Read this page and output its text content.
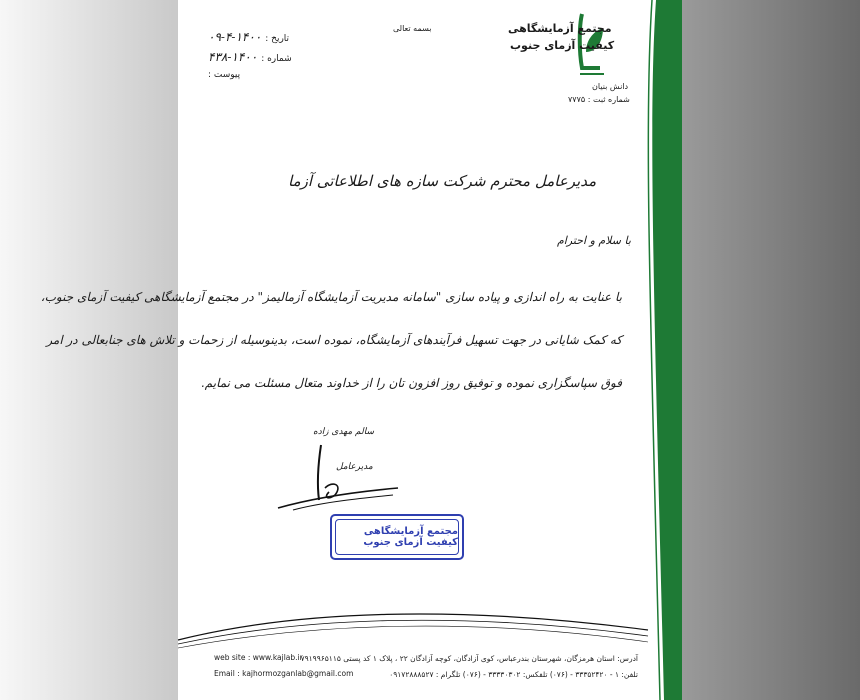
مجتمع آزمایشگاهی
کیفیت آزمای جنوب
دانش بنیان
شماره ثبت : ۷۷۷۵
بسمه تعالی
تاریخ :۱۴۰۰-۴-۰۹
شماره :۱۴۰۰-۴۳۸
پیوست :
مدیرعامل محترم شرکت سازه های اطلاعاتی آزما
با سلام و احترام
با عنایت به راه اندازی و پیاده سازی "سامانه مدیریت آزمایشگاه آزمالیمز" در مجتمع آزمایشگاهی کیفیت آزمای جنوب،
که کمک شایانی در جهت تسهیل فرآیندهای آزمایشگاه، نموده است، بدینوسیله از زحمات و تلاش های جنابعالی در امر
فوق سپاسگزاری نموده و توفیق روز افزون تان را از خداوند متعال مسئلت می نمایم.
سالم مهدی زاده
مدیرعامل
مجتمع آزمایشگاهی کیفیت آزمای جنوب
آدرس: استان هرمزگان، شهرستان بندرعباس، کوی آزادگان، کوچه آزادگان ۲۲ ، پلاک ۱ کد پستی ۷۹۱۹۹۶۵۱۱۵
تلفن: ۱ - ۳۳۳۵۲۴۲۰ - (۰۷۶) تلفکس: ۳۳۳۳۰۳۰۲ - (۰۷۶) تلگرام : ۰۹۱۷۲۸۸۸۵۲۷
web site : www.kajlab.ir
Email : kajhormozganlab@gmail.com
